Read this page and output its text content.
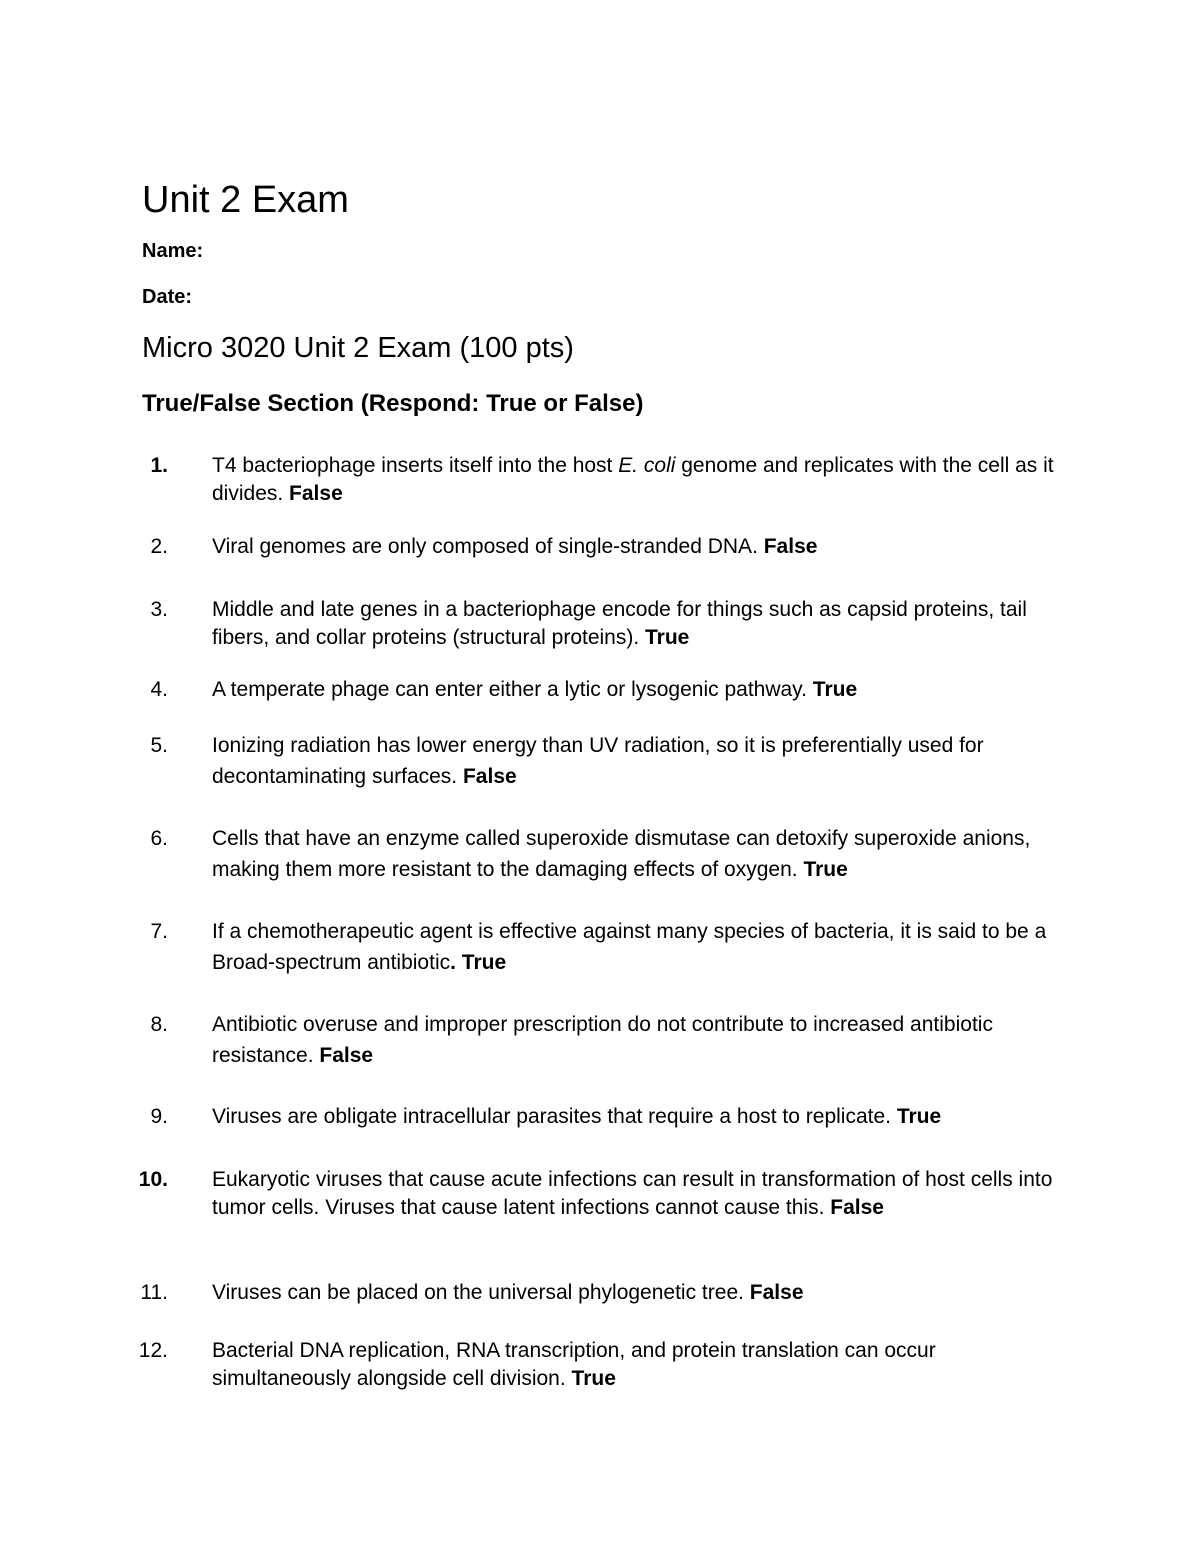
Unit 2 Exam

Name:

Date:

Micro 3020 Unit 2 Exam (100 pts)
True/False Section (Respond: True or False)
1. T4 bacteriophage inserts itself into the host E. coli genome and replicates with the cell as it divides. False
2. Viral genomes are only composed of single-stranded DNA. False
3. Middle and late genes in a bacteriophage encode for things such as capsid proteins, tail fibers, and collar proteins (structural proteins). True
4. A temperate phage can enter either a lytic or lysogenic pathway. True
5. Ionizing radiation has lower energy than UV radiation, so it is preferentially used for decontaminating surfaces. False
6. Cells that have an enzyme called superoxide dismutase can detoxify superoxide anions, making them more resistant to the damaging effects of oxygen. True
7. If a chemotherapeutic agent is effective against many species of bacteria, it is said to be a Broad-spectrum antibiotic. True
8. Antibiotic overuse and improper prescription do not contribute to increased antibiotic resistance. False
9. Viruses are obligate intracellular parasites that require a host to replicate. True
10. Eukaryotic viruses that cause acute infections can result in transformation of host cells into tumor cells. Viruses that cause latent infections cannot cause this. False
11. Viruses can be placed on the universal phylogenetic tree. False
12. Bacterial DNA replication, RNA transcription, and protein translation can occur simultaneously alongside cell division. True
